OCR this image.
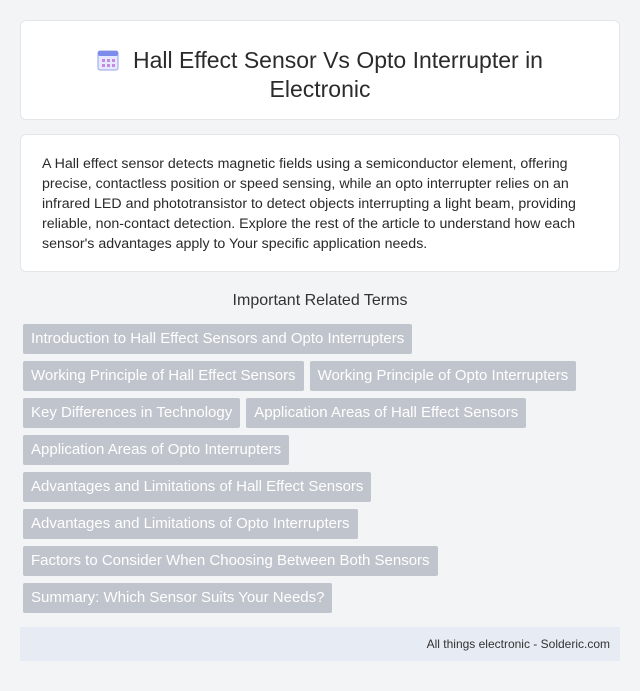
Hall Effect Sensor Vs Opto Interrupter in
Electronic

A Hall effect sensor detects magnetic fields using a semiconductor element, offering precise, contactless position or speed sensing, while an opto interrupter relies on an infrared LED and phototransistor to detect objects interrupting a light beam, providing reliable, non-contact detection. Explore the rest of the article to understand how each sensor's advantages apply to Your specific application needs.

Important Related Terms
Introduction to Hall Effect Sensors and Opto Interrupters
Working Principle of Hall Effect Sensors	Working Principle of Opto Interrupters
Key Differences in Technology	Application Areas of Hall Effect Sensors
Application Areas of Opto Interrupters
Advantages and Limitations of Hall Effect Sensors
Advantages and Limitations of Opto Interrupters
Factors to Consider When Choosing Between Both Sensors
Summary: Which Sensor Suits Your Needs?
All things electronic - Solderic.com
